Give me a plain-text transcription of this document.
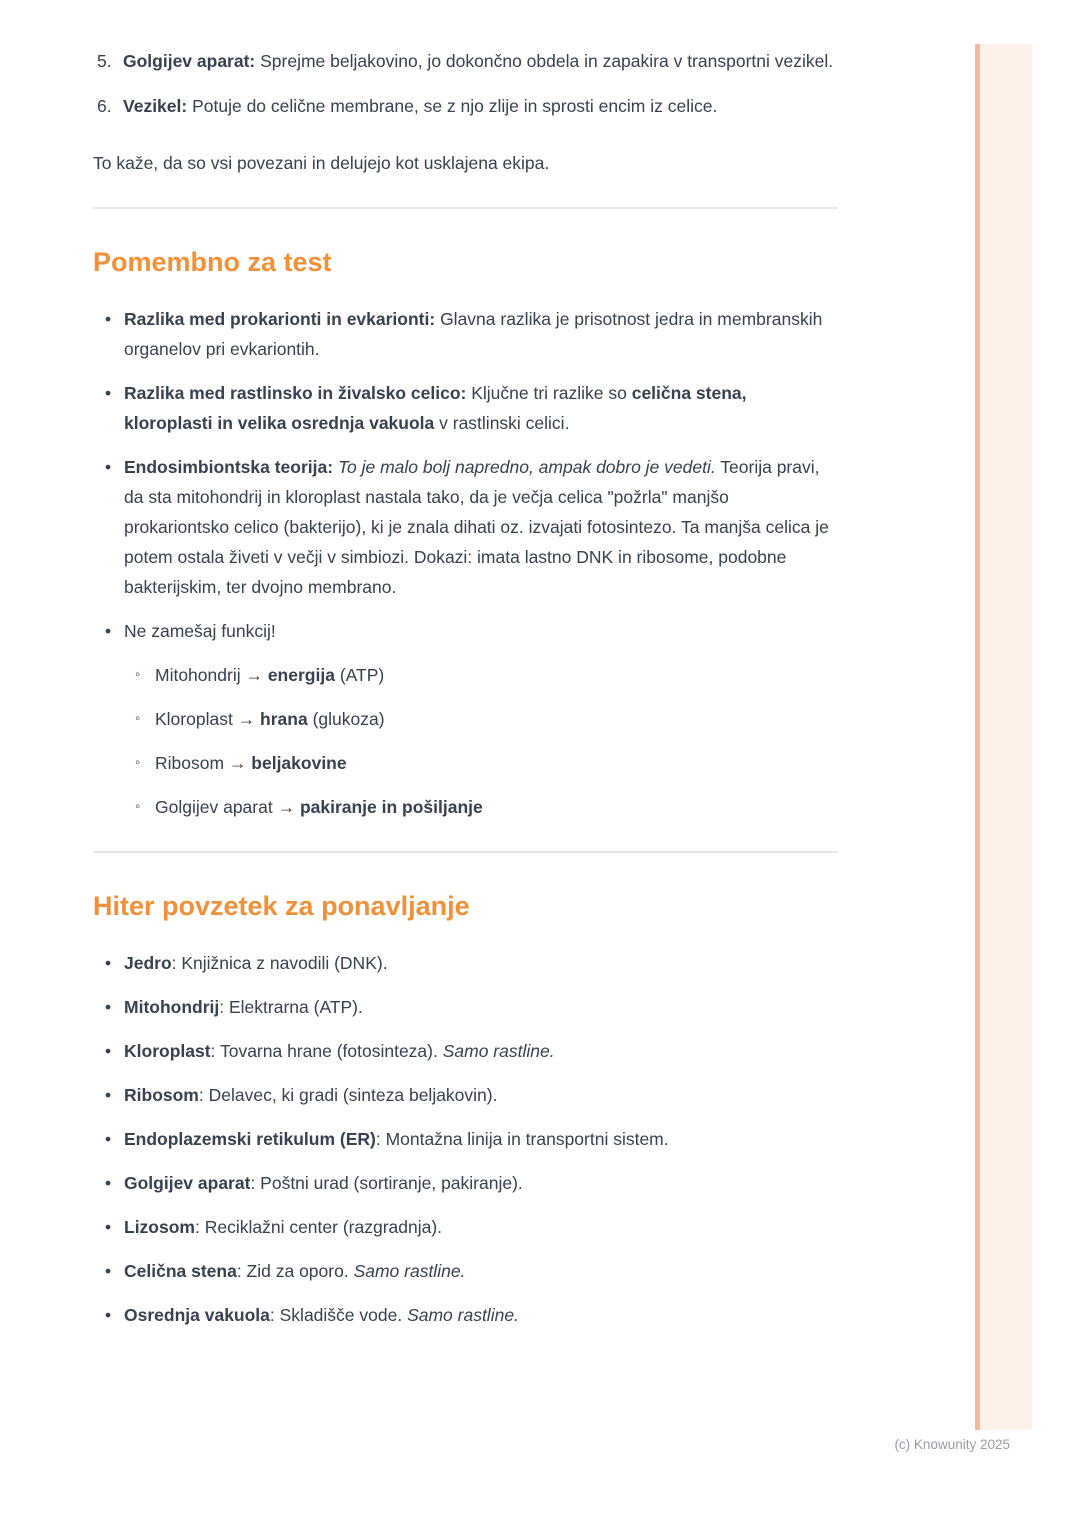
5. Golgijev aparat: Sprejme beljakovino, jo dokončno obdela in zapakira v transportni vezikel.
6. Vezikel: Potuje do celične membrane, se z njo zlije in sprosti encim iz celice.

To kaže, da so vsi povezani in delujejo kot usklajena ekipa.

Pomembno za test
• Razlika med prokarionti in evkarionti: Glavna razlika je prisotnost jedra in membranskih organelov pri evkariontih.
• Razlika med rastlinsko in živalsko celico: Ključne tri razlike so celična stena, kloroplasti in velika osrednja vakuola v rastlinski celici.
• Endosimbiontska teorija: To je malo bolj napredno, ampak dobro je vedeti. Teorija pravi, da sta mitohondrij in kloroplast nastala tako, da je večja celica "požrla" manjšo prokariontsko celico (bakterijo), ki je znala dihati oz. izvajati fotosintezo. Ta manjša celica je potem ostala živeti v večji v simbiozi. Dokazi: imata lastno DNK in ribosome, podobne bakterijskim, ter dvojno membrano.
• Ne zamešaj funkcij!
◦ Mitohondrij → energija (ATP)
◦ Kloroplast → hrana (glukoza)
◦ Ribosom → beljakovine
◦ Golgijev aparat → pakiranje in pošiljanje
Hiter povzetek za ponavljanje
• Jedro: Knjižnica z navodili (DNK).
• Mitohondrij: Elektrarna (ATP).
• Kloroplast: Tovarna hrane (fotosinteza). Samo rastline.
• Ribosom: Delavec, ki gradi (sinteza beljakovin).
• Endoplazemski retikulum (ER): Montažna linija in transportni sistem.
• Golgijev aparat: Poštni urad (sortiranje, pakiranje).
• Lizosom: Reciklažni center (razgradnja).
• Celična stena: Zid za oporo. Samo rastline.
• Osrednja vakuola: Skladišče vode. Samo rastline.
(c) Knowunity 2025
